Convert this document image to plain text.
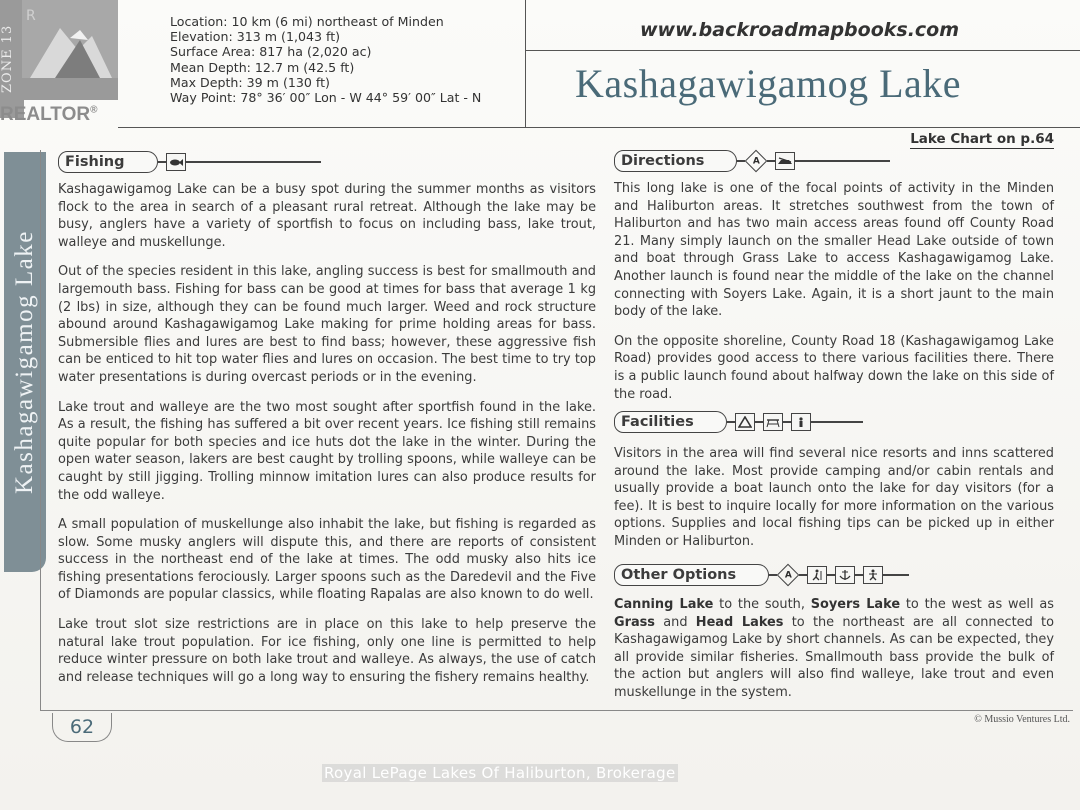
ZONE 13
R
REALTOR®
Location: 10 km (6 mi) northeast of Minden
Elevation: 313 m (1,043 ft)
Surface Area: 817 ha (2,020 ac)
Mean Depth: 12.7 m (42.5 ft)
Max Depth: 39 m (130 ft)
Way Point: 78° 36′ 00″ Lon - W 44° 59′ 00″ Lat - N
www.backroadmapbooks.com
Kashagawigamog Lake
Lake Chart on p.64
Kashagawigamog Lake
Fishing

Kashagawigamog Lake can be a busy spot during the summer months as visitors flock to the area in search of a pleasant rural retreat. Although the lake may be busy, anglers have a variety of sportfish to focus on including bass, lake trout, walleye and muskellunge.

Out of the species resident in this lake, angling success is best for smallmouth and largemouth bass. Fishing for bass can be good at times for bass that average 1 kg (2 lbs) in size, although they can be found much larger. Weed and rock structure abound around Kashagawigamog Lake making for prime holding areas for bass. Submersible flies and lures are best to find bass; however, these aggressive fish can be enticed to hit top water flies and lures on occasion. The best time to try top water presentations is during overcast periods or in the evening.

Lake trout and walleye are the two most sought after sportfish found in the lake. As a result, the fishing has suffered a bit over recent years. Ice fishing still remains quite popular for both species and ice huts dot the lake in the winter. During the open water season, lakers are best caught by trolling spoons, while walleye can be caught by still jigging. Trolling minnow imitation lures can also produce results for the odd walleye.

A small population of muskellunge also inhabit the lake, but fishing is regarded as slow. Some musky anglers will dispute this, and there are reports of consistent success in the northeast end of the lake at times. The odd musky also hits ice fishing presentations ferociously. Larger spoons such as the Daredevil and the Five of Diamonds are popular classics, while floating Rapalas are also known to do well.

Lake trout slot size restrictions are in place on this lake to help preserve the natural lake trout population. For ice fishing, only one line is permitted to help reduce winter pressure on both lake trout and walleye. As always, the use of catch and release techniques will go a long way to ensuring the fishery remains healthy.

Directions	A

This long lake is one of the focal points of activity in the Minden and Haliburton areas. It stretches southwest from the town of Haliburton and has two main access areas found off County Road 21. Many simply launch on the smaller Head Lake outside of town and boat through Grass Lake to access Kashagawigamog Lake. Another launch is found near the middle of the lake on the channel connecting with Soyers Lake. Again, it is a short jaunt to the main body of the lake.

On the opposite shoreline, County Road 18 (Kashagawigamog Lake Road) provides good access to there various facilities there. There is a public launch found about halfway down the lake on this side of the road.

Facilities

Visitors in the area will find several nice resorts and inns scattered around the lake. Most provide camping and/or cabin rentals and usually provide a boat launch onto the lake for day visitors (for a fee). It is best to inquire locally for more information on the various options. Supplies and local fishing tips can be picked up in either Minden or Haliburton.

Other Options	A

Canning Lake to the south, Soyers Lake to the west as well as Grass and Head Lakes to the northeast are all connected to Kashagawigamog Lake by short channels. As can be expected, they all provide similar fisheries. Smallmouth bass provide the bulk of the action but anglers will also find walleye, lake trout and even muskellunge in the system.

62	© Mussio Ventures Ltd.
Royal LePage Lakes Of Haliburton, Brokerage
